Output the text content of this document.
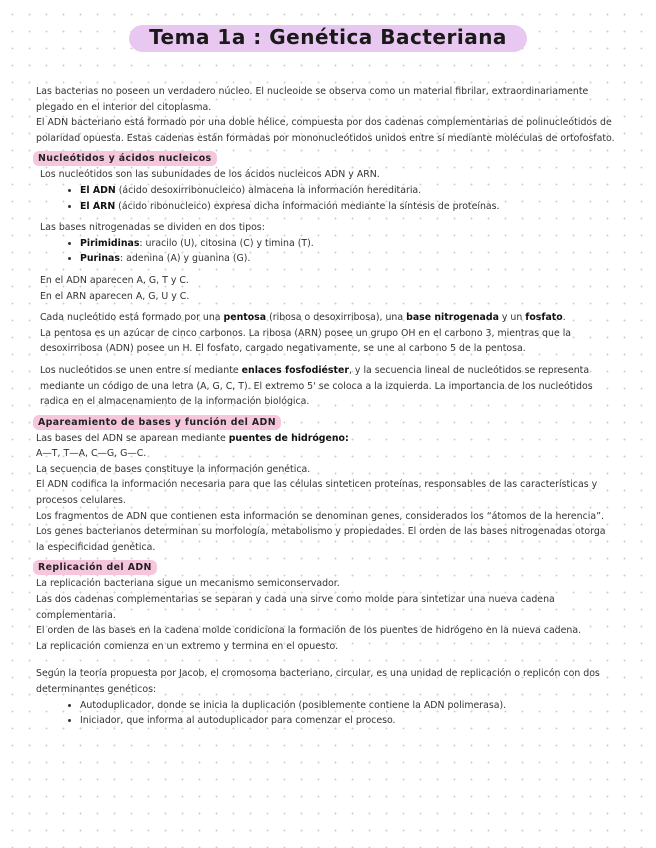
Tema 1a : Genética Bacteriana

Las bacterias no poseen un verdadero núcleo. El nucleoide se observa como un material fibrilar, extraordinariamente plegado en el interior del citoplasma.

El ADN bacteriano está formado por una doble hélice, compuesta por dos cadenas complementarias de polinucleótidos de polaridad opuesta. Estas cadenas están formadas por mononucleótidos unidos entre sí mediante moléculas de ortofosfato.

Nucleótidos y ácidos nucleicos

Los nucleótidos son las subunidades de los ácidos nucleicos ADN y ARN.

• El ADN (ácido desoxirribonucleico) almacena la información hereditaria.
• El ARN (ácido ribonucleico) expresa dicha información mediante la síntesis de proteínas.

Las bases nitrogenadas se dividen en dos tipos:

• Pirimidinas: uracilo (U), citosina (C) y timina (T).
• Purinas: adenina (A) y guanina (G).

En el ADN aparecen A, G, T y C.

En el ARN aparecen A, G, U y C.

Cada nucleótido está formado por una pentosa (ribosa o desoxirribosa), una base nitrogenada y un fosfato.

La pentosa es un azúcar de cinco carbonos. La ribosa (ARN) posee un grupo OH en el carbono 3, mientras que la desoxirribosa (ADN) posee un H. El fosfato, cargado negativamente, se une al carbono 5 de la pentosa.

Los nucleótidos se unen entre sí mediante enlaces fosfodiéster, y la secuencia lineal de nucleótidos se representa mediante un código de una letra (A, G, C, T). El extremo 5' se coloca a la izquierda. La importancia de los nucleótidos radica en el almacenamiento de la información biológica.

Apareamiento de bases y función del ADN

Las bases del ADN se aparean mediante puentes de hidrógeno:

A—T, T—A, C—G, G—C.

La secuencia de bases constituye la información genética.

El ADN codifica la información necesaria para que las células sinteticen proteínas, responsables de las características y procesos celulares.

Los fragmentos de ADN que contienen esta información se denominan genes, considerados los “átomos de la herencia”.

Los genes bacterianos determinan su morfología, metabolismo y propiedades. El orden de las bases nitrogenadas otorga la especificidad genética.

Replicación del ADN

La replicación bacteriana sigue un mecanismo semiconservador.

Las dos cadenas complementarias se separan y cada una sirve como molde para sintetizar una nueva cadena complementaria.

El orden de las bases en la cadena molde condiciona la formación de los puentes de hidrógeno en la nueva cadena.

La replicación comienza en un extremo y termina en el opuesto.

Según la teoría propuesta por Jacob, el cromosoma bacteriano, circular, es una unidad de replicación o replicón con dos determinantes genéticos:

• Autoduplicador, donde se inicia la duplicación (posiblemente contiene la ADN polimerasa).
• Iniciador, que informa al autoduplicador para comenzar el proceso.
